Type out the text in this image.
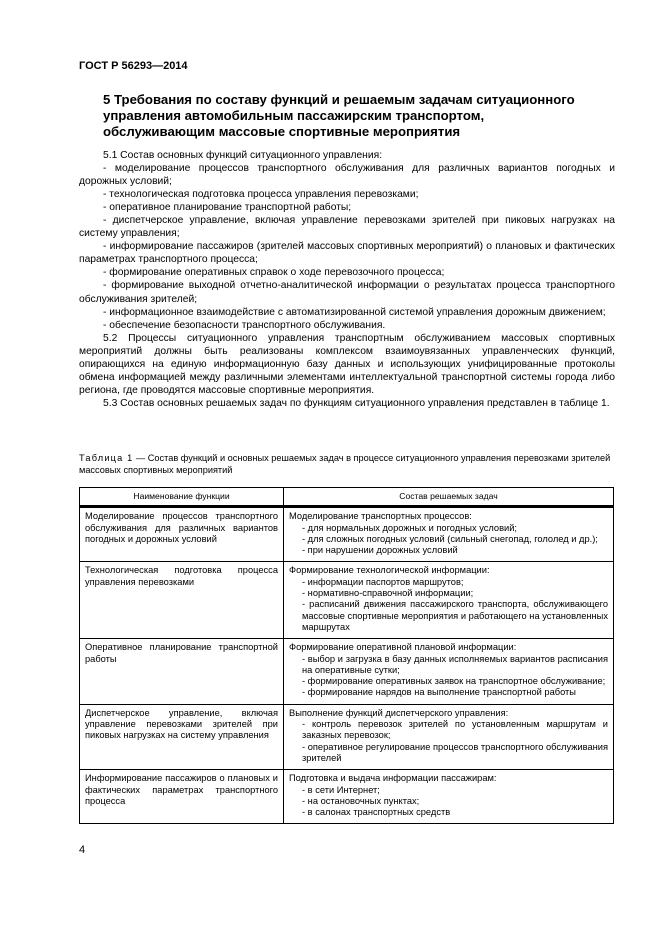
ГОСТ Р 56293—2014
5 Требования по составу функций и решаемым задачам ситуационного управления автомобильным пассажирским транспортом, обслуживающим массовые спортивные мероприятия

5.1 Состав основных функций ситуационного управления:

- моделирование процессов транспортного обслуживания для различных вариантов погодных и дорожных условий;

- технологическая подготовка процесса управления перевозками;

- оперативное планирование транспортной работы;

- диспетчерское управление, включая управление перевозками зрителей при пиковых нагрузках на систему управления;

- информирование пассажиров (зрителей массовых спортивных мероприятий) о плановых и фактических параметрах транспортного процесса;

- формирование оперативных справок о ходе перевозочного процесса;

- формирование выходной отчетно-аналитической информации о результатах процесса транспортного обслуживания зрителей;

- информационное взаимодействие с автоматизированной системой управления дорожным движением;

- обеспечение безопасности транспортного обслуживания.

5.2 Процессы ситуационного управления транспортным обслуживанием массовых спортивных мероприятий должны быть реализованы комплексом взаимоувязанных управленческих функций, опирающихся на единую информационную базу данных и использующих унифицированные протоколы обмена информацией между различными элементами интеллектуальной транспортной системы города либо региона, где проводятся массовые спортивные мероприятия.

5.3 Состав основных решаемых задач по функциям ситуационного управления представлен в таблице 1.

Таблица 1 — Состав функций и основных решаемых задач в процессе ситуационного управления перевозками зрителей массовых спортивных мероприятий
Наименование функции	Состав решаемых задач

Моделирование процессов транспортного обслуживания для различных вариантов погодных и дорожных условий	Моделирование транспортных процессов:
- для нормальных дорожных и погодных условий;
- для сложных погодных условий (сильный снегопад, гололед и др.);
- при нарушении дорожных условий

Технологическая подготовка процесса управления перевозками	Формирование технологической информации:
- информации паспортов маршрутов;
- нормативно-справочной информации;
- расписаний движения пассажирского транспорта, обслуживающего массовые спортивные мероприятия и работающего на установленных маршрутах

Оперативное планирование транспортной работы	Формирование оперативной плановой информации:
- выбор и загрузка в базу данных исполняемых вариантов расписания на оперативные сутки;
- формирование оперативных заявок на транспортное обслуживание;
- формирование нарядов на выполнение транспортной работы

Диспетчерское управление, включая управление перевозками зрителей при пиковых нагрузках на систему управления	Выполнение функций диспетчерского управления:
- контроль перевозок зрителей по установленным маршрутам и заказных перевозок;
- оперативное регулирование процессов транспортного обслуживания зрителей

Информирование пассажиров о плановых и фактических параметрах транспортного процесса	Подготовка и выдача информации пассажирам:
- в сети Интернет;
- на остановочных пунктах;
- в салонах транспортных средств
4
